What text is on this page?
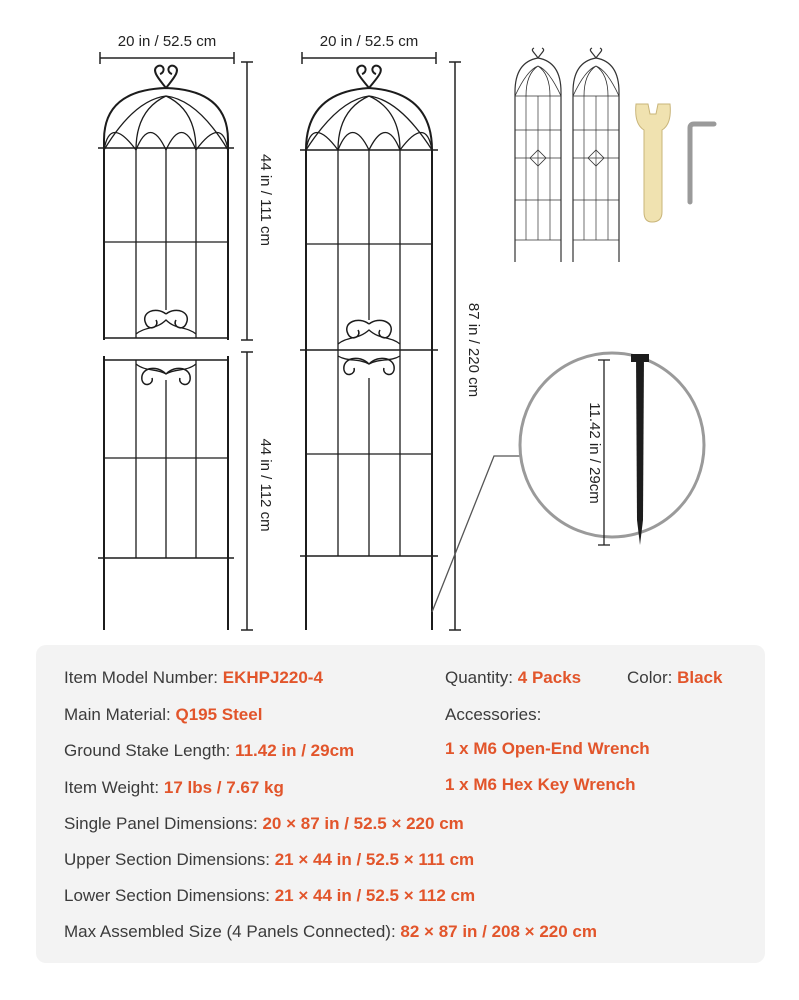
20 in / 52.5 cm
44 in / 111 cm
44 in / 112 cm
20 in / 52.5 cm
87 in / 220 cm
11.42 in / 29cm
Item Model Number: EKHPJ220-4	Quantity: 4 Packs	Color: Black
Main Material: Q195 Steel	Accessories:
Ground Stake Length: 11.42 in / 29cm	1 x M6 Open-End Wrench
Item Weight: 17 lbs / 7.67 kg	1 x M6 Hex Key Wrench
Single Panel Dimensions: 20 × 87 in / 52.5 × 220 cm
Upper Section Dimensions: 21 × 44 in / 52.5 × 111 cm
Lower Section Dimensions: 21 × 44 in / 52.5 × 112 cm
Max Assembled Size (4 Panels Connected): 82 × 87 in / 208 × 220 cm
